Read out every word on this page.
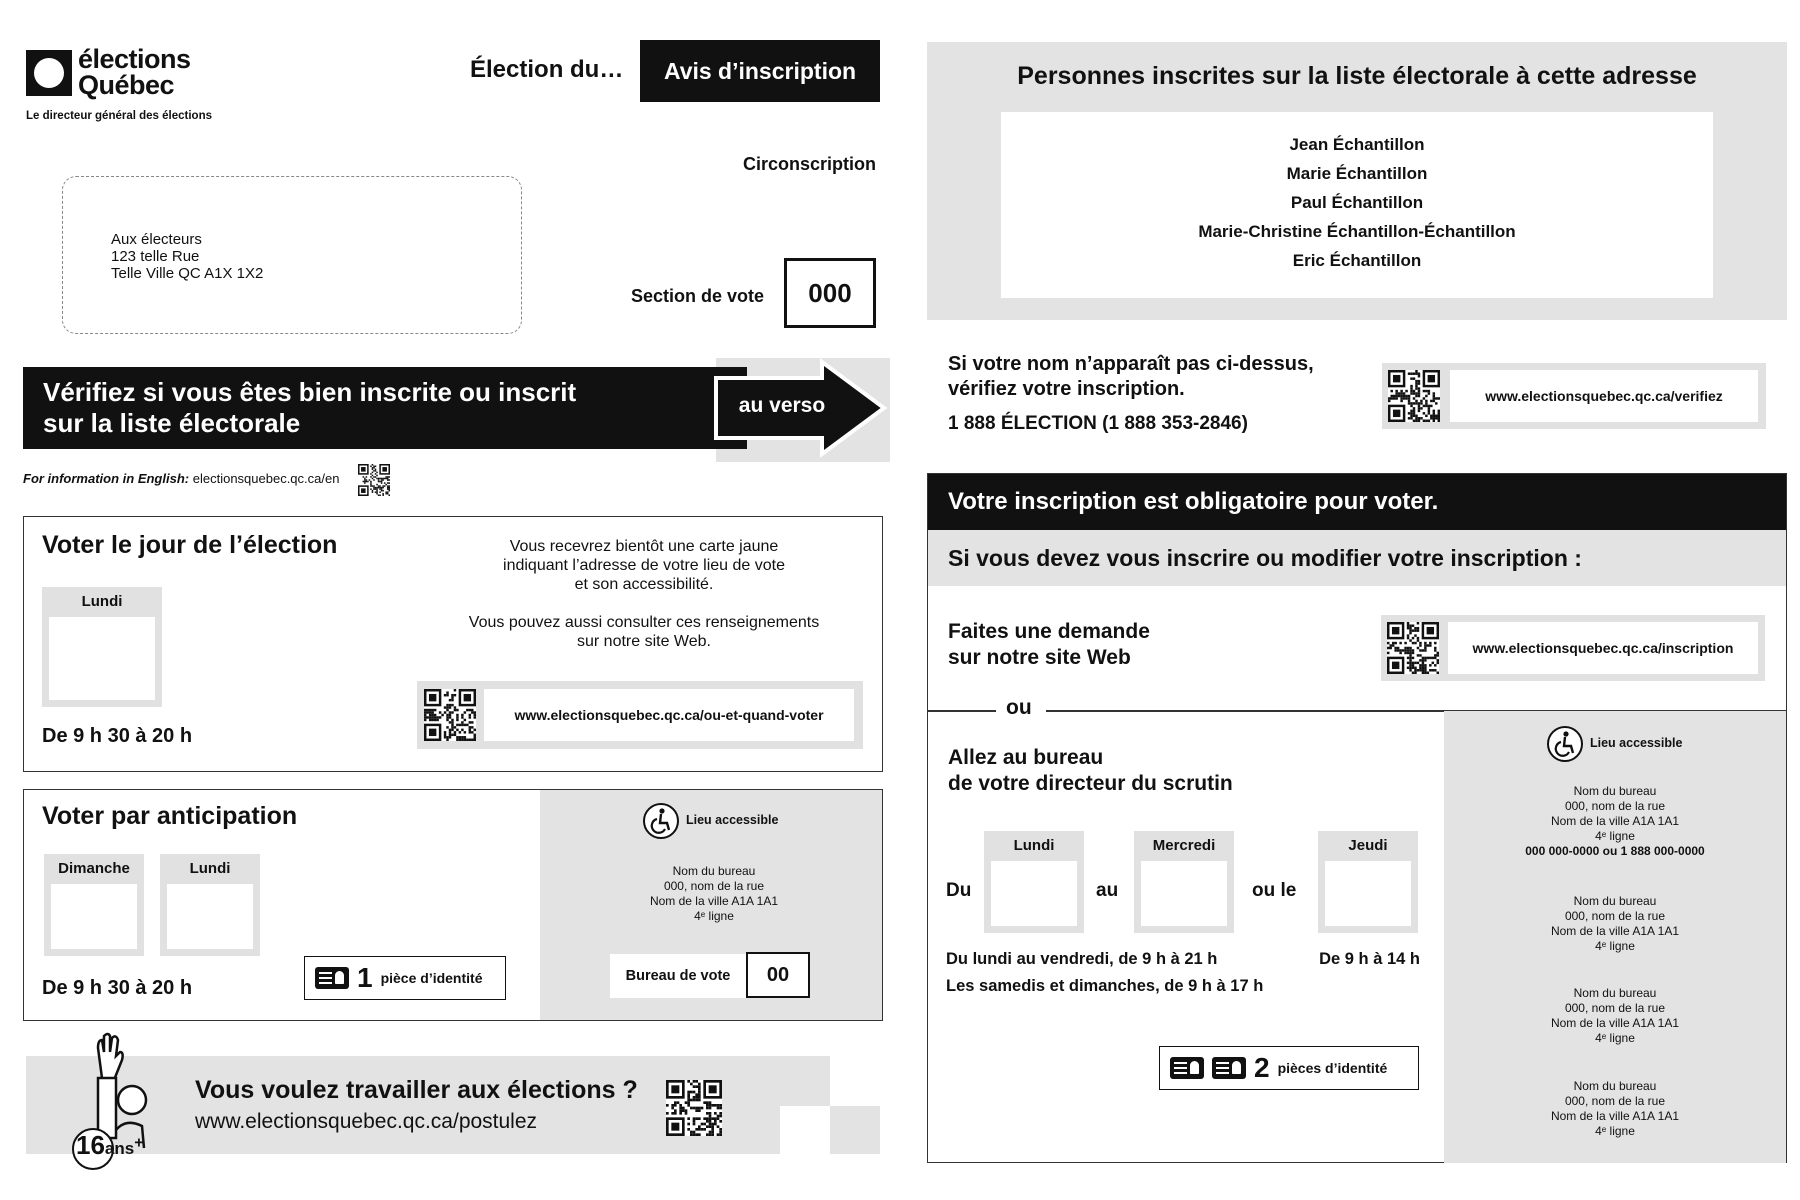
élections
Québec
Le directeur général des élections
Élection du…	Avis d’inscription
Circonscription
Aux électeurs
123 telle Rue
Telle Ville QC A1X 1X2
Section de vote	000
Vérifiez si vous êtes bien inscrite ou inscrit
sur la liste électorale
au verso
For information in English: electionsquebec.qc.ca/en
Voter le jour de l’élection
Lundi
De 9 h 30 à 20 h
Vous recevrez bientôt une carte jaune
indiquant l’adresse de votre lieu de vote
et son accessibilité.
Vous pouvez aussi consulter ces renseignements
sur notre site Web.
www.electionsquebec.qc.ca/ou-et-quand-voter
Voter par anticipation
Dimanche	Lundi
De 9 h 30 à 20 h	1 pièce d’identité
Lieu accessible
Nom du bureau
000, nom de la rue
Nom de la ville A1A 1A1
4ᵉ ligne
Bureau de vote	00
16ans+
Vous voulez travailler aux élections ?
www.electionsquebec.qc.ca/postulez
Personnes inscrites sur la liste électorale à cette adresse
Jean Échantillon
Marie Échantillon
Paul Échantillon
Marie-Christine Échantillon-Échantillon
Eric Échantillon
Si votre nom n’apparaît pas ci-dessus,
vérifiez votre inscription.
1 888 ÉLECTION (1 888 353-2846)
www.electionsquebec.qc.ca/verifiez
Votre inscription est obligatoire pour voter.
Si vous devez vous inscrire ou modifier votre inscription :
Faites une demande
sur notre site Web	www.electionsquebec.qc.ca/inscription
ou
Allez au bureau
de votre directeur du scrutin
Du
Lundi
au
Mercredi
ou le
Jeudi
Du lundi au vendredi, de 9 h à 21 h
Les samedis et dimanches, de 9 h à 17 h
De 9 h à 14 h
2 pièces d’identité
Lieu accessible
Nom du bureau
000, nom de la rue
Nom de la ville A1A 1A1
4ᵉ ligne
000 000-0000 ou 1 888 000-0000
Nom du bureau
000, nom de la rue
Nom de la ville A1A 1A1
4ᵉ ligne
Nom du bureau
000, nom de la rue
Nom de la ville A1A 1A1
4ᵉ ligne
Nom du bureau
000, nom de la rue
Nom de la ville A1A 1A1
4ᵉ ligne
